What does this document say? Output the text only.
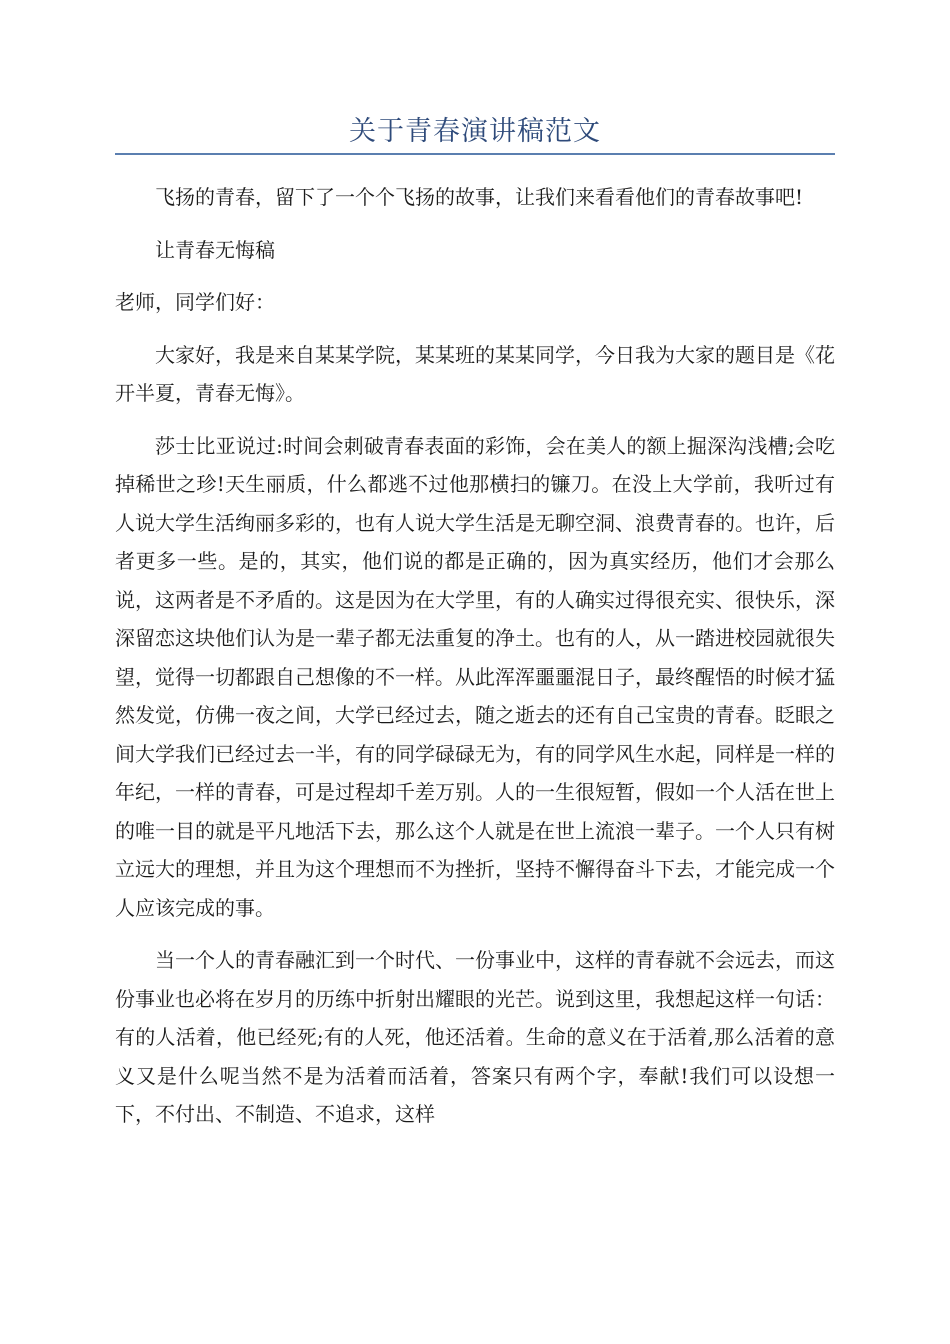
关于青春演讲稿范文

飞扬的青春，留下了一个个飞扬的故事，让我们来看看他们的青春故事吧!

让青春无悔稿

老师，同学们好：

大家好，我是来自某某学院，某某班的某某同学，今日我为大家的题目是《花开半夏，青春无悔》。

莎士比亚说过:时间会刺破青春表面的彩饰，会在美人的额上掘深沟浅槽;会吃掉稀世之珍!天生丽质，什么都逃不过他那横扫的镰刀。在没上大学前，我听过有人说大学生活绚丽多彩的，也有人说大学生活是无聊空洞、浪费青春的。也许，后者更多一些。是的，其实，他们说的都是正确的，因为真实经历，他们才会那么说，这两者是不矛盾的。这是因为在大学里，有的人确实过得很充实、很快乐，深深留恋这块他们认为是一辈子都无法重复的净土。也有的人，从一踏进校园就很失望，觉得一切都跟自己想像的不一样。从此浑浑噩噩混日子，最终醒悟的时候才猛然发觉，仿佛一夜之间，大学已经过去，随之逝去的还有自己宝贵的青春。眨眼之间大学我们已经过去一半，有的同学碌碌无为，有的同学风生水起，同样是一样的年纪，一样的青春，可是过程却千差万别。人的一生很短暂，假如一个人活在世上的唯一目的就是平凡地活下去，那么这个人就是在世上流浪一辈子。一个人只有树立远大的理想，并且为这个理想而不为挫折，坚持不懈得奋斗下去，才能完成一个人应该完成的事。

当一个人的青春融汇到一个时代、一份事业中，这样的青春就不会远去，而这份事业也必将在岁月的历练中折射出耀眼的光芒。说到这里，我想起这样一句话：有的人活着，他已经死;有的人死，他还活着。生命的意义在于活着,那么活着的意义又是什么呢当然不是为活着而活着，答案只有两个字，奉献!我们可以设想一下，不付出、不制造、不追求，这样
